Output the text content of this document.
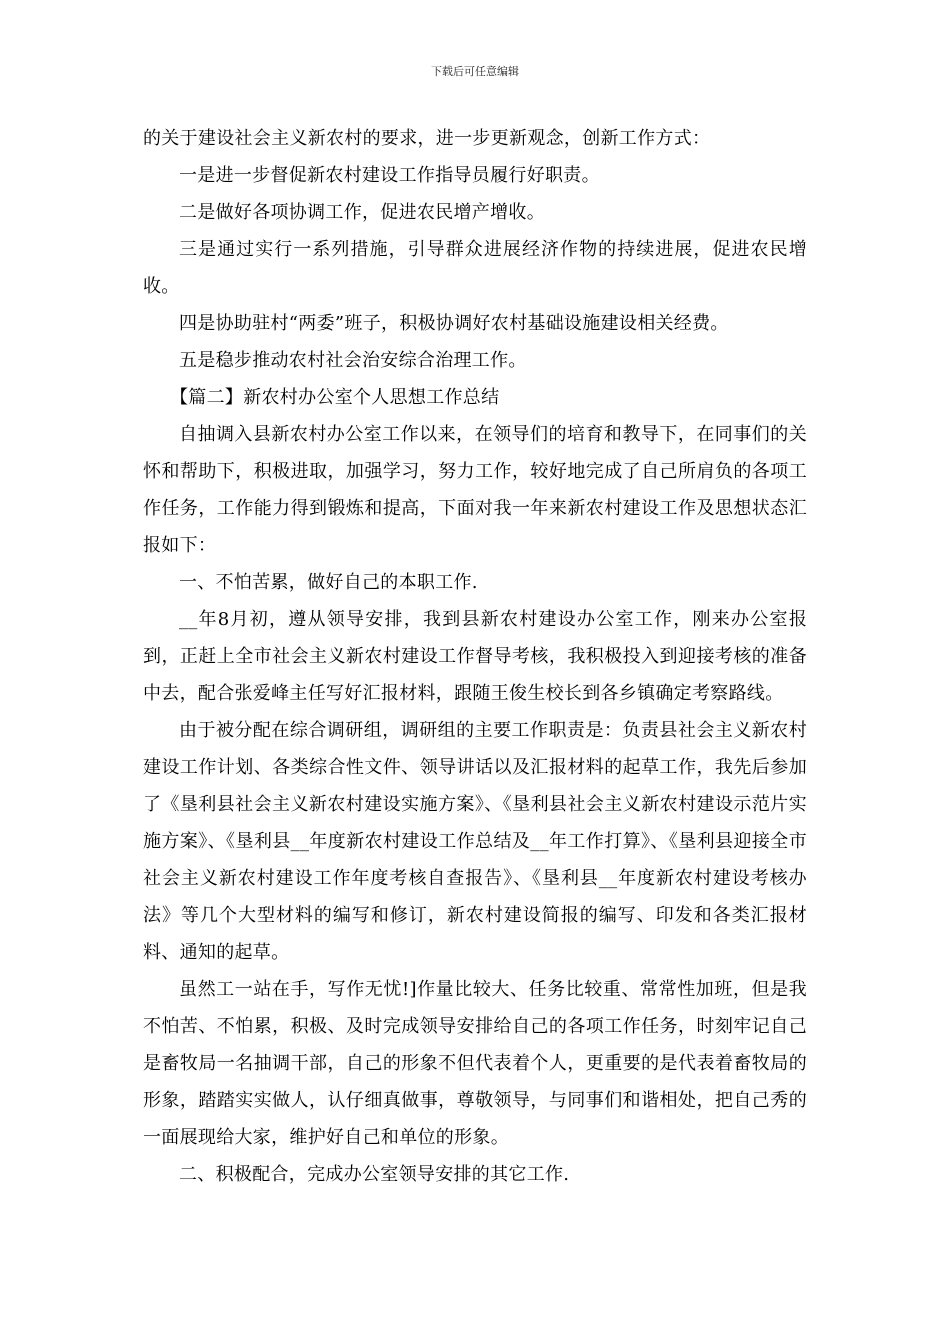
下载后可任意编辑

的关于建设社会主义新农村的要求，进一步更新观念，创新工作方式：

一是进一步督促新农村建设工作指导员履行好职责。

二是做好各项协调工作，促进农民增产增收。

三是通过实行一系列措施，引导群众进展经济作物的持续进展，促进农民增收。

四是协助驻村“两委”班子，积极协调好农村基础设施建设相关经费。

五是稳步推动农村社会治安综合治理工作。

【篇二】新农村办公室个人思想工作总结

自抽调入县新农村办公室工作以来，在领导们的培育和教导下，在同事们的关怀和帮助下，积极进取，加强学习，努力工作，较好地完成了自己所肩负的各项工作任务，工作能力得到锻炼和提高，下面对我一年来新农村建设工作及思想状态汇报如下：

一、不怕苦累，做好自己的本职工作.

__年8月初，遵从领导安排，我到县新农村建设办公室工作，刚来办公室报到，正赶上全市社会主义新农村建设工作督导考核，我积极投入到迎接考核的准备中去，配合张爱峰主任写好汇报材料，跟随王俊生校长到各乡镇确定考察路线。

由于被分配在综合调研组，调研组的主要工作职责是：负责县社会主义新农村建设工作计划、各类综合性文件、领导讲话以及汇报材料的起草工作，我先后参加了《垦利县社会主义新农村建设实施方案》、《垦利县社会主义新农村建设示范片实施方案》、《垦利县__年度新农村建设工作总结及__年工作打算》、《垦利县迎接全市社会主义新农村建设工作年度考核自查报告》、《垦利县__年度新农村建设考核办法》等几个大型材料的编写和修订，新农村建设简报的编写、印发和各类汇报材料、通知的起草。

虽然工一站在手，写作无忧!]作量比较大、任务比较重、常常性加班，但是我不怕苦、不怕累，积极、及时完成领导安排给自己的各项工作任务，时刻牢记自己是畜牧局一名抽调干部，自己的形象不但代表着个人，更重要的是代表着畜牧局的形象，踏踏实实做人，认仔细真做事，尊敬领导，与同事们和谐相处，把自己秀的一面展现给大家，维护好自己和单位的形象。

二、积极配合，完成办公室领导安排的其它工作.
